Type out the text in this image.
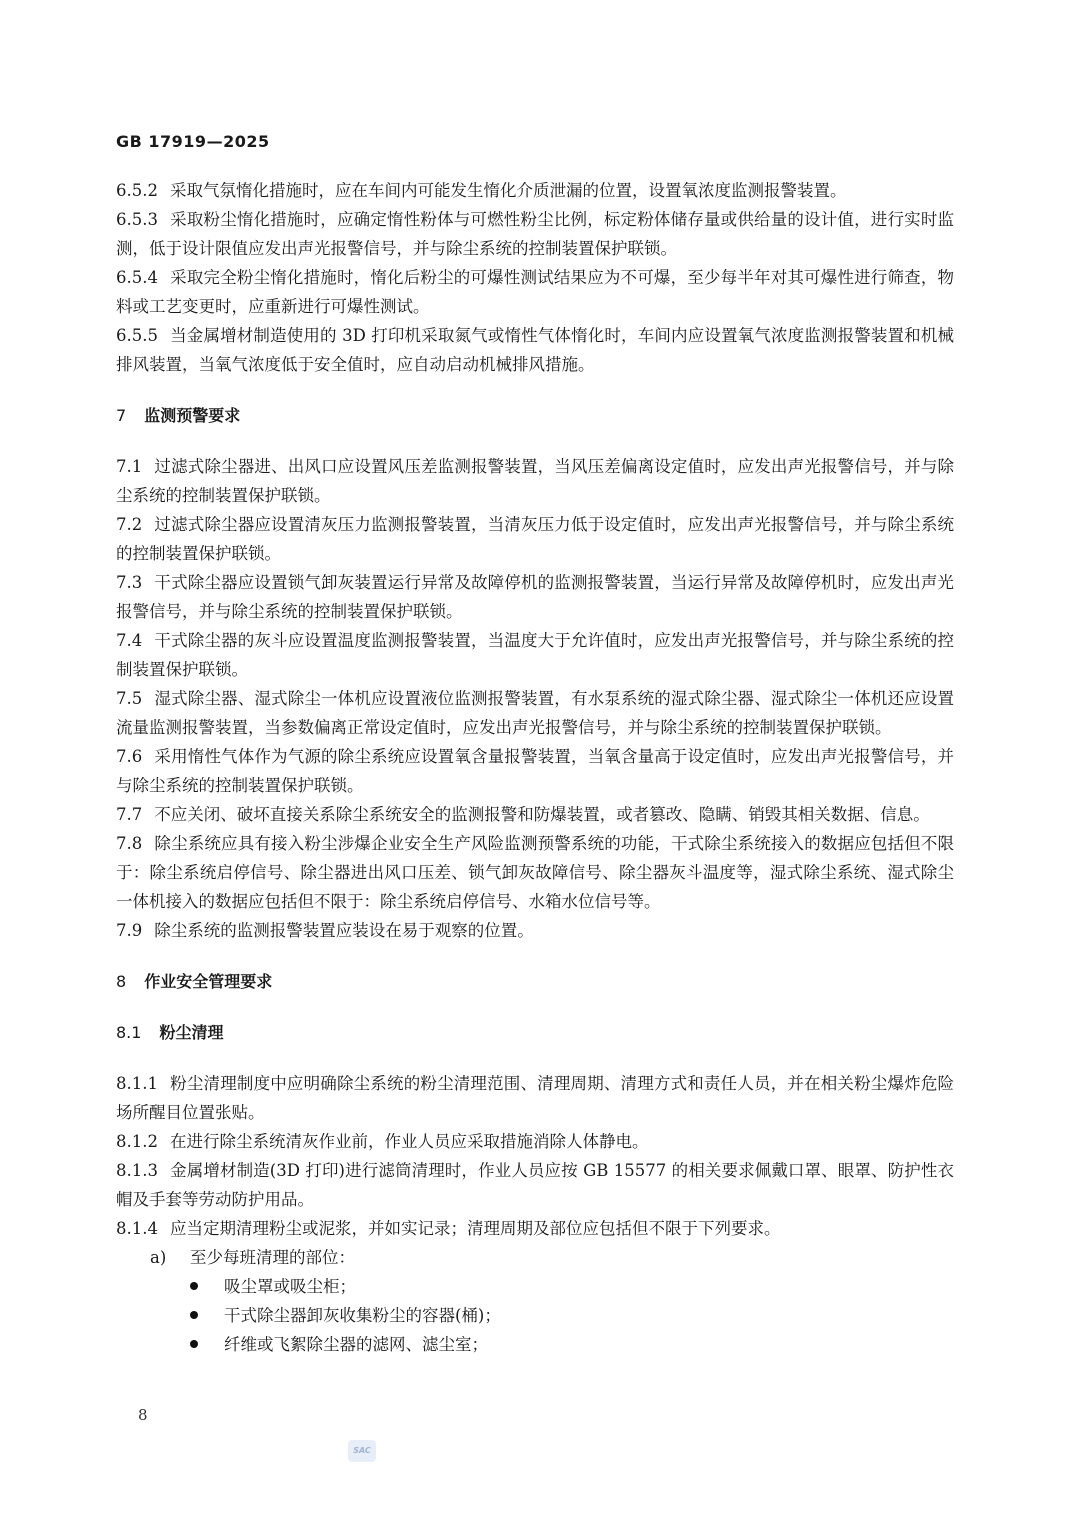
GB 17919—2025

6.5.2 采取气氛惰化措施时，应在车间内可能发生惰化介质泄漏的位置，设置氧浓度监测报警装置。

6.5.3 采取粉尘惰化措施时，应确定惰性粉体与可燃性粉尘比例，标定粉体储存量或供给量的设计值，进行实时监测，低于设计限值应发出声光报警信号，并与除尘系统的控制装置保护联锁。

6.5.4 采取完全粉尘惰化措施时，惰化后粉尘的可爆性测试结果应为不可爆，至少每半年对其可爆性进行筛查，物料或工艺变更时，应重新进行可爆性测试。

6.5.5 当金属增材制造使用的 3D 打印机采取氮气或惰性气体惰化时，车间内应设置氧气浓度监测报警装置和机械排风装置，当氧气浓度低于安全值时，应自动启动机械排风措施。

7 监测预警要求

7.1 过滤式除尘器进、出风口应设置风压差监测报警装置，当风压差偏离设定值时，应发出声光报警信号，并与除尘系统的控制装置保护联锁。

7.2 过滤式除尘器应设置清灰压力监测报警装置，当清灰压力低于设定值时，应发出声光报警信号，并与除尘系统的控制装置保护联锁。

7.3 干式除尘器应设置锁气卸灰装置运行异常及故障停机的监测报警装置，当运行异常及故障停机时，应发出声光报警信号，并与除尘系统的控制装置保护联锁。

7.4 干式除尘器的灰斗应设置温度监测报警装置，当温度大于允许值时，应发出声光报警信号，并与除尘系统的控制装置保护联锁。

7.5 湿式除尘器、湿式除尘一体机应设置液位监测报警装置，有水泵系统的湿式除尘器、湿式除尘一体机还应设置流量监测报警装置，当参数偏离正常设定值时，应发出声光报警信号，并与除尘系统的控制装置保护联锁。

7.6 采用惰性气体作为气源的除尘系统应设置氧含量报警装置，当氧含量高于设定值时，应发出声光报警信号，并与除尘系统的控制装置保护联锁。

7.7 不应关闭、破坏直接关系除尘系统安全的监测报警和防爆装置，或者篡改、隐瞒、销毁其相关数据、信息。

7.8 除尘系统应具有接入粉尘涉爆企业安全生产风险监测预警系统的功能，干式除尘系统接入的数据应包括但不限于：除尘系统启停信号、除尘器进出风口压差、锁气卸灰故障信号、除尘器灰斗温度等，湿式除尘系统、湿式除尘一体机接入的数据应包括但不限于：除尘系统启停信号、水箱水位信号等。

7.9 除尘系统的监测报警装置应装设在易于观察的位置。

8 作业安全管理要求

8.1 粉尘清理

8.1.1 粉尘清理制度中应明确除尘系统的粉尘清理范围、清理周期、清理方式和责任人员，并在相关粉尘爆炸危险场所醒目位置张贴。

8.1.2 在进行除尘系统清灰作业前，作业人员应采取措施消除人体静电。

8.1.3 金属增材制造(3D 打印)进行滤筒清理时，作业人员应按 GB 15577 的相关要求佩戴口罩、眼罩、防护性衣帽及手套等劳动防护用品。

8.1.4 应当定期清理粉尘或泥浆，并如实记录；清理周期及部位应包括但不限于下列要求。

a) 至少每班清理的部位：

吸尘罩或吸尘柜；
干式除尘器卸灰收集粉尘的容器(桶)；
纤维或飞絮除尘器的滤网、滤尘室；
8
SAC
